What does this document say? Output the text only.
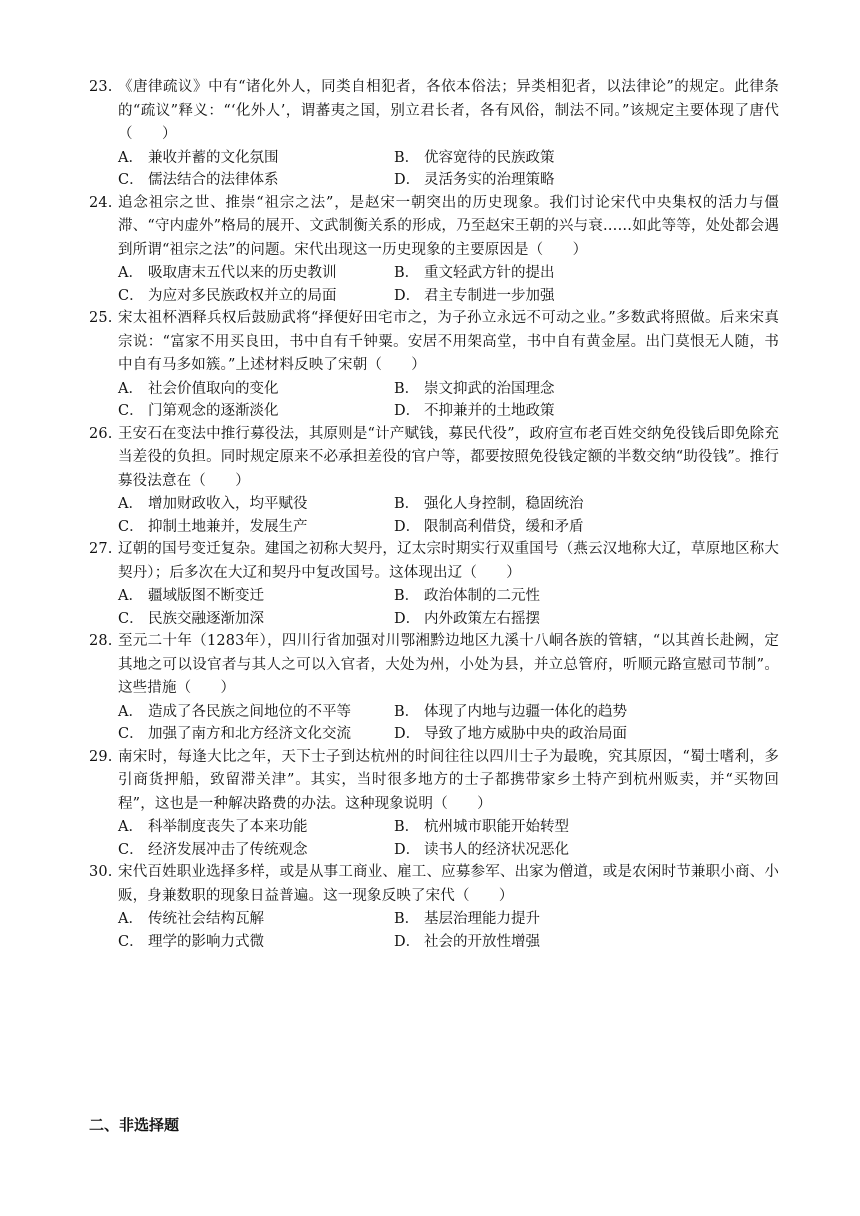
23. 《唐律疏议》中有“诸化外人，同类自相犯者，各依本俗法；异类相犯者，以法律论”的规定。此律条的“疏议”释义：“‘化外人’，谓蕃夷之国，别立君长者，各有风俗，制法不同。”该规定主要体现了唐代（　　）
A． 兼收并蓄的文化氛围	B． 优容宽待的民族政策
C． 儒法结合的法律体系	D． 灵活务实的治理策略
24. 追念祖宗之世、推崇“祖宗之法”，是赵宋一朝突出的历史现象。我们讨论宋代中央集权的活力与僵滞、“守内虚外”格局的展开、文武制衡关系的形成，乃至赵宋王朝的兴与衰……如此等等，处处都会遇到所谓“祖宗之法”的问题。宋代出现这一历史现象的主要原因是（　　）
A． 吸取唐末五代以来的历史教训	B． 重文轻武方针的提出
C． 为应对多民族政权并立的局面	D． 君主专制进一步加强
25. 宋太祖杯酒释兵权后鼓励武将“择便好田宅市之，为子孙立永远不可动之业。”多数武将照做。后来宋真宗说：“富家不用买良田，书中自有千钟粟。安居不用架高堂，书中自有黄金屋。出门莫恨无人随，书中自有马多如簇。”上述材料反映了宋朝（　　）
A． 社会价值取向的变化	B． 崇文抑武的治国理念
C． 门第观念的逐渐淡化	D． 不抑兼并的土地政策
26. 王安石在变法中推行募役法，其原则是“计产赋钱，募民代役”，政府宣布老百姓交纳免役钱后即免除充当差役的负担。同时规定原来不必承担差役的官户等，都要按照免役钱定额的半数交纳“助役钱”。推行募役法意在（　　）
A． 增加财政收入，均平赋役	B． 强化人身控制，稳固统治
C． 抑制土地兼并，发展生产	D． 限制高利借贷，缓和矛盾
27. 辽朝的国号变迁复杂。建国之初称大契丹，辽太宗时期实行双重国号（燕云汉地称大辽，草原地区称大契丹）；后多次在大辽和契丹中复改国号。这体现出辽（　　）
A． 疆域版图不断变迁	B． 政治体制的二元性
C． 民族交融逐渐加深	D． 内外政策左右摇摆
28. 至元二十年（1283年），四川行省加强对川鄂湘黔边地区九溪十八峒各族的管辖，“以其酋长赴阙，定其地之可以设官者与其人之可以入官者，大处为州，小处为县，并立总管府，听顺元路宣慰司节制”。这些措施（　　）
A． 造成了各民族之间地位的不平等	B． 体现了内地与边疆一体化的趋势
C． 加强了南方和北方经济文化交流	D． 导致了地方威胁中央的政治局面
29. 南宋时，每逢大比之年，天下士子到达杭州的时间往往以四川士子为最晚，究其原因，“蜀士嗜利，多引商货押船，致留滞关津”。其实，当时很多地方的士子都携带家乡土特产到杭州贩卖，并“买物回程”，这也是一种解决路费的办法。这种现象说明（　　）
A． 科举制度丧失了本来功能	B． 杭州城市职能开始转型
C． 经济发展冲击了传统观念	D． 读书人的经济状况恶化
30. 宋代百姓职业选择多样，或是从事工商业、雇工、应募参军、出家为僧道，或是农闲时节兼职小商、小贩，身兼数职的现象日益普遍。这一现象反映了宋代（　　）
A． 传统社会结构瓦解	B． 基层治理能力提升
C． 理学的影响力式微	D． 社会的开放性增强
二、非选择题
